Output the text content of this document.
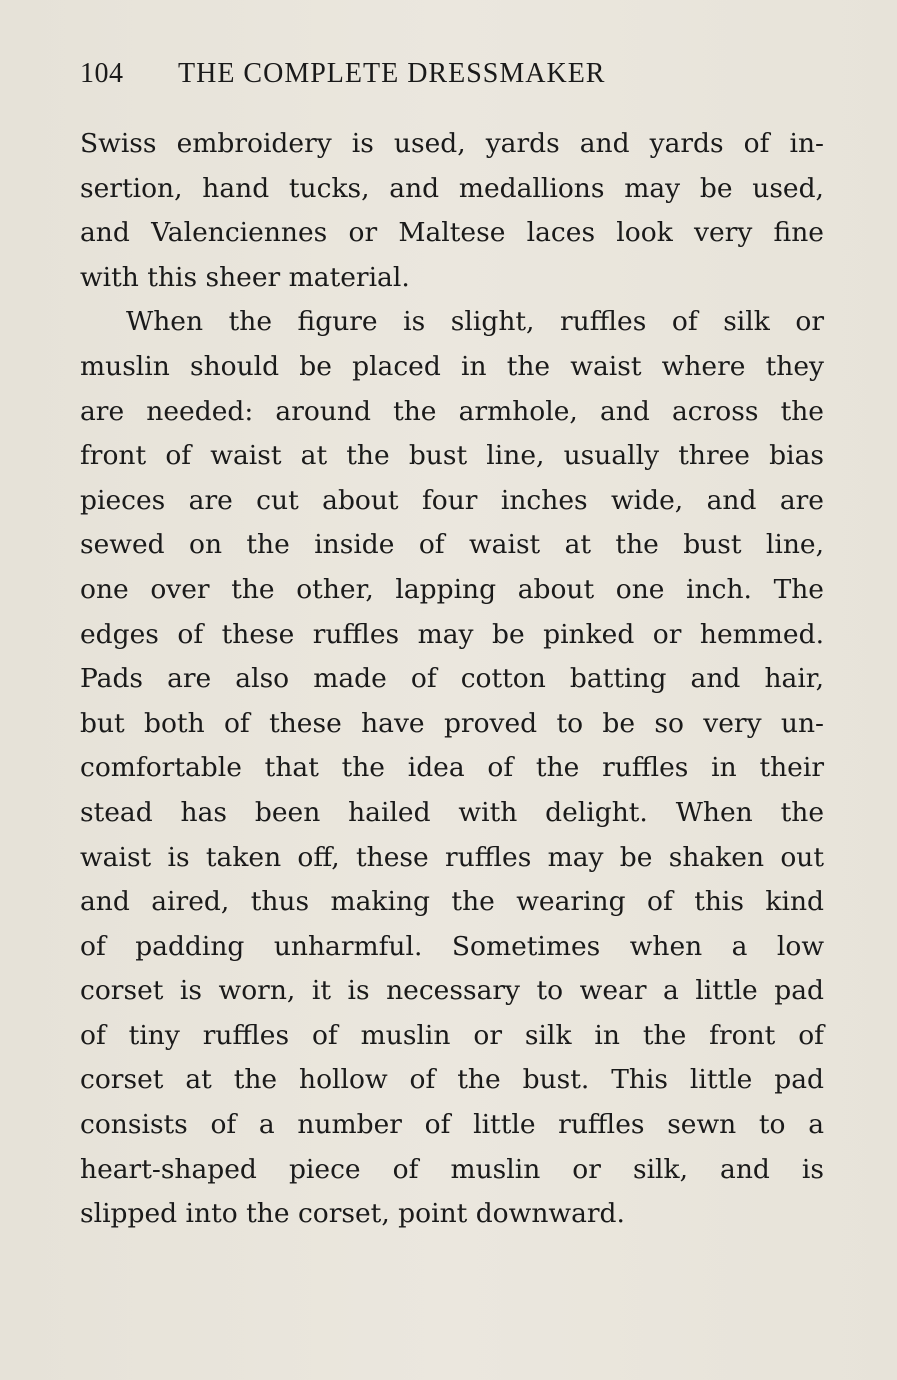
104 THE COMPLETE DRESSMAKER

Swiss embroidery is used, yards and yards of in-
sertion, hand tucks, and medallions may be used,
and Valenciennes or Maltese laces look very fine
with this sheer material.

When the figure is slight, ruffles of silk or
muslin should be placed in the waist where they
are needed: around the armhole, and across the
front of waist at the bust line, usually three bias
pieces are cut about four inches wide, and are
sewed on the inside of waist at the bust line,
one over the other, lapping about one inch. The
edges of these ruffles may be pinked or hemmed.
Pads are also made of cotton batting and hair,
but both of these have proved to be so very un-
comfortable that the idea of the ruffles in their
stead has been hailed with delight. When the
waist is taken off, these ruffles may be shaken out
and aired, thus making the wearing of this kind
of padding unharmful. Sometimes when a low
corset is worn, it is necessary to wear a little pad
of tiny ruffles of muslin or silk in the front of
corset at the hollow of the bust. This little pad
consists of a number of little ruffles sewn to a
heart-shaped piece of muslin or silk, and is
slipped into the corset, point downward.
